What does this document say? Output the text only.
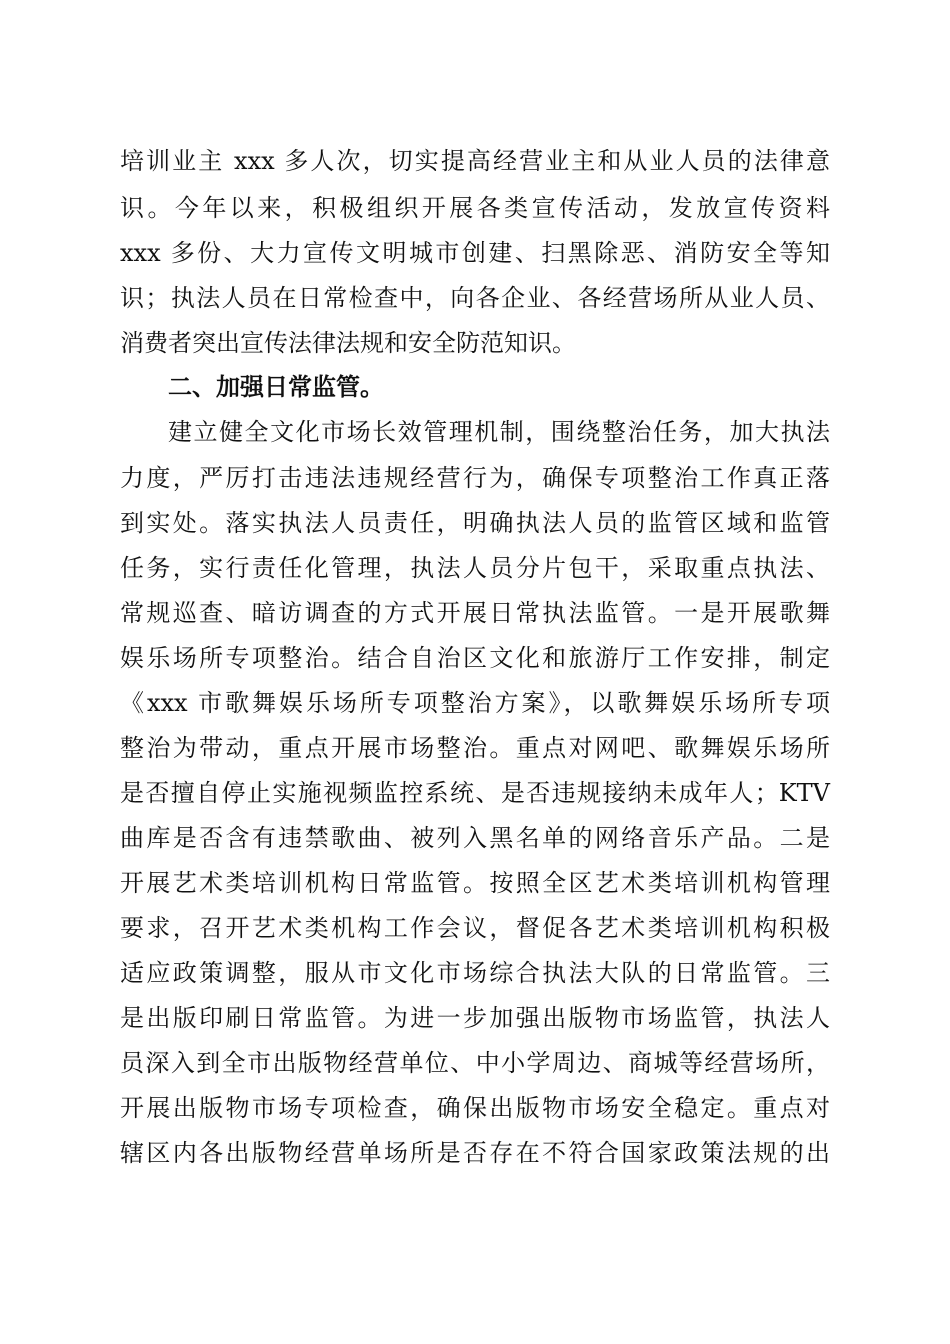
培训业主 xxx 多人次，切实提高经营业主和从业人员的法律意
识。今年以来，积极组织开展各类宣传活动，发放宣传资料
xxx 多份、大力宣传文明城市创建、扫黑除恶、消防安全等知
识；执法人员在日常检查中，向各企业、各经营场所从业人员、
消费者突出宣传法律法规和安全防范知识。
二、加强日常监管。
建立健全文化市场长效管理机制，围绕整治任务，加大执法
力度，严厉打击违法违规经营行为，确保专项整治工作真正落
到实处。落实执法人员责任，明确执法人员的监管区域和监管
任务，实行责任化管理，执法人员分片包干，采取重点执法、
常规巡查、暗访调查的方式开展日常执法监管。一是开展歌舞
娱乐场所专项整治。结合自治区文化和旅游厅工作安排，制定
《xxx 市歌舞娱乐场所专项整治方案》，以歌舞娱乐场所专项
整治为带动，重点开展市场整治。重点对网吧、歌舞娱乐场所
是否擅自停止实施视频监控系统、是否违规接纳未成年人；KTV
曲库是否含有违禁歌曲、被列入黑名单的网络音乐产品。二是
开展艺术类培训机构日常监管。按照全区艺术类培训机构管理
要求，召开艺术类机构工作会议，督促各艺术类培训机构积极
适应政策调整，服从市文化市场综合执法大队的日常监管。三
是出版印刷日常监管。为进一步加强出版物市场监管，执法人
员深入到全市出版物经营单位、中小学周边、商城等经营场所，
开展出版物市场专项检查，确保出版物市场安全稳定。重点对
辖区内各出版物经营单场所是否存在不符合国家政策法规的出
